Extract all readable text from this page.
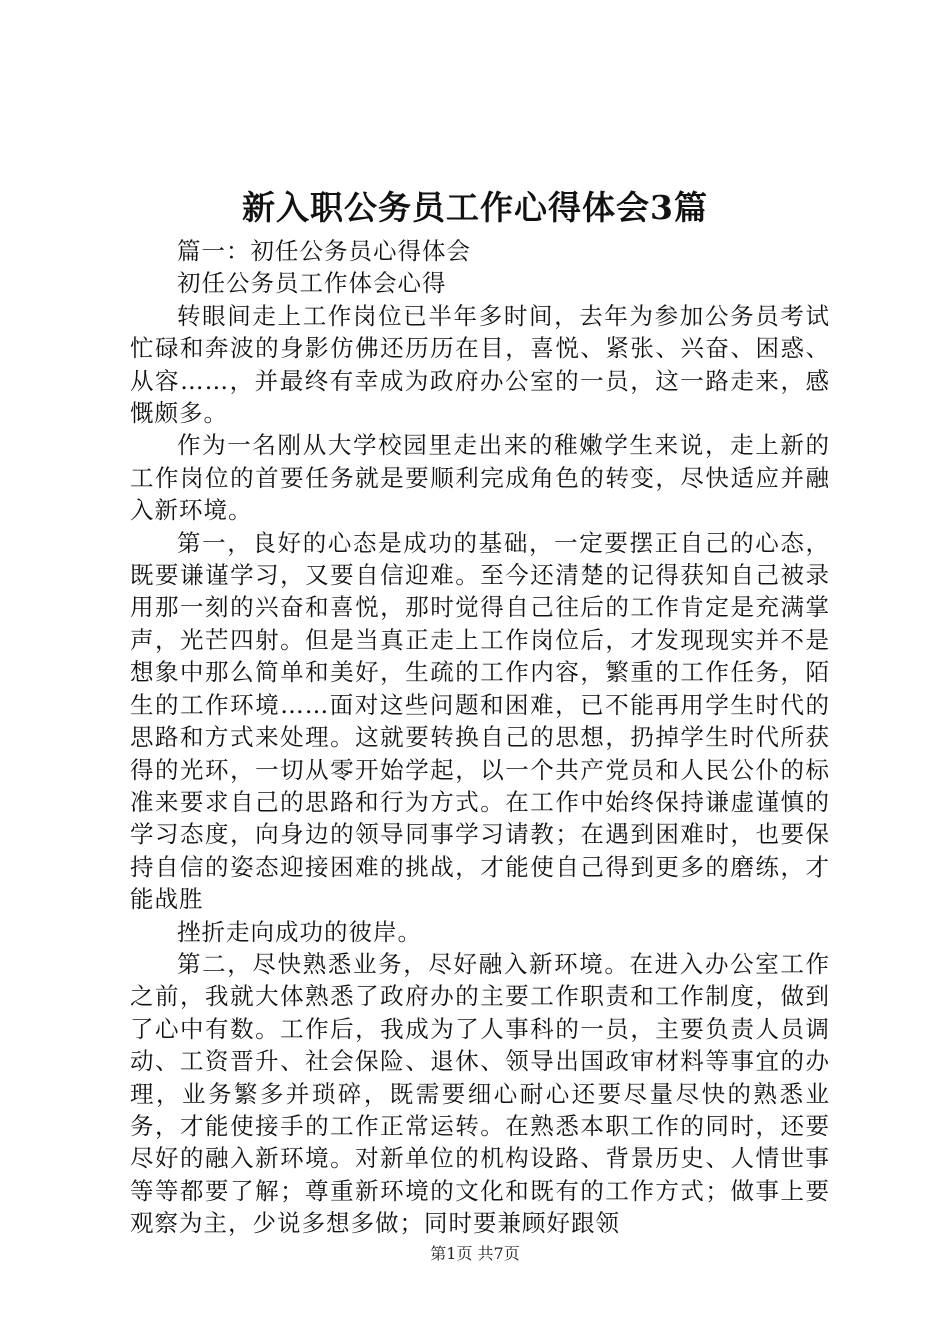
新入职公务员工作心得体会3篇

篇一：初任公务员心得体会

初任公务员工作体会心得

转眼间走上工作岗位已半年多时间，去年为参加公务员考试忙碌和奔波的身影仿佛还历历在目，喜悦、紧张、兴奋、困惑、从容……，并最终有幸成为政府办公室的一员，这一路走来，感慨颇多。

作为一名刚从大学校园里走出来的稚嫩学生来说，走上新的工作岗位的首要任务就是要顺利完成角色的转变，尽快适应并融入新环境。

第一，良好的心态是成功的基础，一定要摆正自己的心态，既要谦谨学习，又要自信迎难。至今还清楚的记得获知自己被录用那一刻的兴奋和喜悦，那时觉得自己往后的工作肯定是充满掌声，光芒四射。但是当真正走上工作岗位后，才发现现实并不是想象中那么简单和美好，生疏的工作内容，繁重的工作任务，陌生的工作环境……面对这些问题和困难，已不能再用学生时代的思路和方式来处理。这就要转换自己的思想，扔掉学生时代所获得的光环，一切从零开始学起，以一个共产党员和人民公仆的标准来要求自己的思路和行为方式。在工作中始终保持谦虚谨慎的学习态度，向身边的领导同事学习请教；在遇到困难时，也要保持自信的姿态迎接困难的挑战，才能使自己得到更多的磨练，才能战胜

挫折走向成功的彼岸。

第二，尽快熟悉业务，尽好融入新环境。在进入办公室工作之前，我就大体熟悉了政府办的主要工作职责和工作制度，做到了心中有数。工作后，我成为了人事科的一员，主要负责人员调动、工资晋升、社会保险、退休、领导出国政审材料等事宜的办理，业务繁多并琐碎，既需要细心耐心还要尽量尽快的熟悉业务，才能使接手的工作正常运转。在熟悉本职工作的同时，还要尽好的融入新环境。对新单位的机构设路、背景历史、人情世事等等都要了解；尊重新环境的文化和既有的工作方式；做事上要观察为主，少说多想多做；同时要兼顾好跟领

第1页 共7页
